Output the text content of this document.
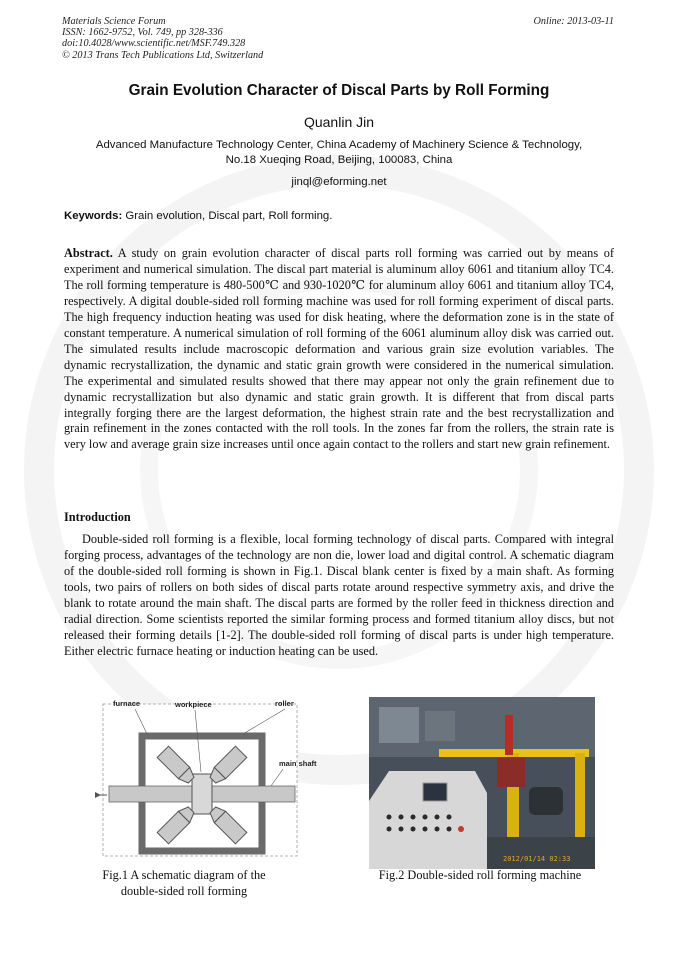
Materials Science Forum
ISSN: 1662-9752, Vol. 749, pp 328-336
doi:10.4028/www.scientific.net/MSF.749.328
© 2013 Trans Tech Publications Ltd, Switzerland
Online: 2013-03-11
Grain Evolution Character of Discal Parts by Roll Forming
Quanlin Jin
Advanced Manufacture Technology Center, China Academy of Machinery Science & Technology,
No.18 Xueqing Road, Beijing, 100083, China
jinql@eforming.net
Keywords: Grain evolution, Discal part, Roll forming.
Abstract. A study on grain evolution character of discal parts roll forming was carried out by means of experiment and numerical simulation. The discal part material is aluminum alloy 6061 and titanium alloy TC4. The roll forming temperature is 480-500℃ and 930-1020℃ for aluminum alloy 6061 and titanium alloy TC4, respectively. A digital double-sided roll forming machine was used for roll forming experiment of discal parts. The high frequency induction heating was used for disk heating, where the deformation zone is in the state of constant temperature. A numerical simulation of roll forming of the 6061 aluminum alloy disk was carried out. The simulated results include macroscopic deformation and various grain size evolution variables. The dynamic recrystallization, the dynamic and static grain growth were considered in the numerical simulation. The experimental and simulated results showed that there may appear not only the grain refinement due to dynamic recrystallization but also dynamic and static grain growth. It is different that from discal parts integrally forging there are the largest deformation, the highest strain rate and the best recrystallization and grain refinement in the zones contacted with the roll tools. In the zones far from the rollers, the strain rate is very low and average grain size increases until once again contact to the rollers and start new grain refinement.
Introduction
Double-sided roll forming is a flexible, local forming technology of discal parts. Compared with integral forging process, advantages of the technology are non die, lower load and digital control. A schematic diagram of the double-sided roll forming is shown in Fig.1. Discal blank center is fixed by a main shaft. As forming tools, two pairs of rollers on both sides of discal parts rotate around respective symmetry axis, and drive the blank to rotate around the main shaft. The discal parts are formed by the roller feed in thickness direction and radial direction. Some scientists reported the similar forming process and formed titanium alloy discs, but not released their forming details [1-2]. The double-sided roll forming of discal parts is under high temperature. Either electric furnace heating or induction heating can be used.
furnace	workpiece	roller
main shaft
2012/01/14 02:33
Fig.1 A schematic diagram of the
double-sided roll forming
Fig.2 Double-sided roll forming machine
